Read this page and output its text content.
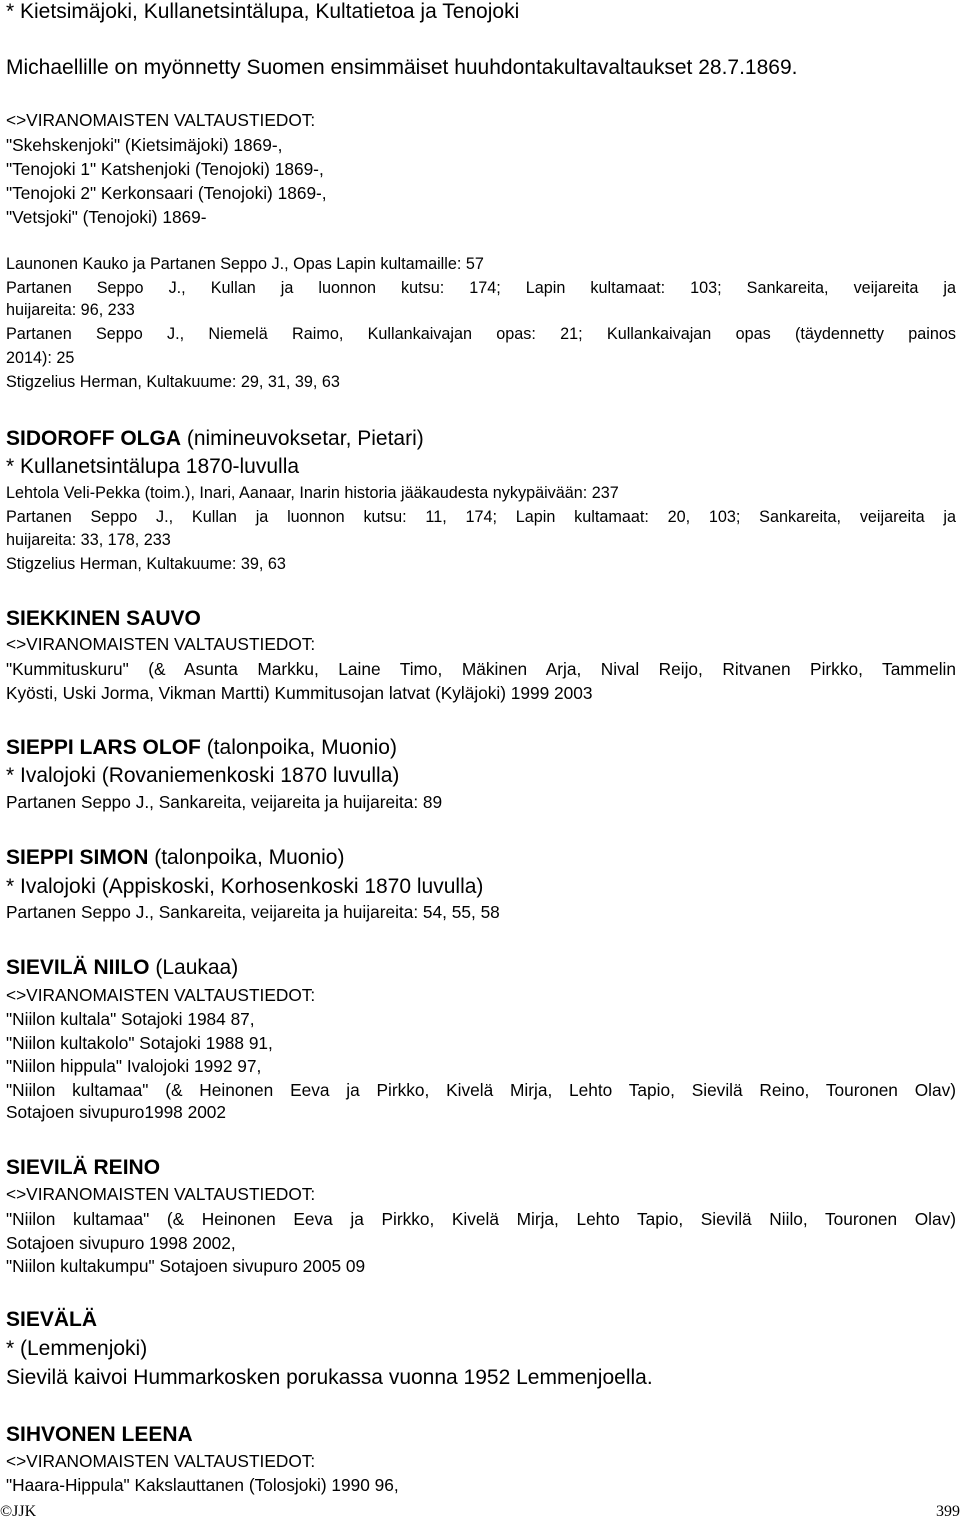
* Kietsimäjoki, Kullanetsintälupa, Kultatietoa ja Tenojoki
Michaellille on myönnetty Suomen ensimmäiset huuhdontakultavaltaukset 28.7.1869.
<>VIRANOMAISTEN VALTAUSTIEDOT:
"Skehskenjoki" (Kietsimäjoki) 1869-,
"Tenojoki 1" Katshenjoki (Tenojoki) 1869-,
"Tenojoki 2" Kerkonsaari (Tenojoki) 1869-,
"Vetsjoki" (Tenojoki) 1869-
Launonen Kauko ja Partanen Seppo J., Opas Lapin kultamaille: 57
Partanen Seppo J., Kullan ja luonnon kutsu: 174; Lapin kultamaat: 103; Sankareita, veijareita ja
huijareita: 96, 233
Partanen Seppo J., Niemelä Raimo, Kullankaivajan opas: 21; Kullankaivajan opas (täydennetty painos
2014): 25
Stigzelius Herman, Kultakuume: 29, 31, 39, 63
SIDOROFF OLGA (nimineuvoksetar, Pietari)
* Kullanetsintälupa 1870-luvulla
Lehtola Veli-Pekka (toim.), Inari, Aanaar, Inarin historia jääkaudesta nykypäivään: 237
Partanen Seppo J., Kullan ja luonnon kutsu: 11, 174; Lapin kultamaat: 20, 103; Sankareita, veijareita ja
huijareita: 33, 178, 233
Stigzelius Herman, Kultakuume: 39, 63
SIEKKINEN SAUVO
<>VIRANOMAISTEN VALTAUSTIEDOT:
"Kummituskuru" (& Asunta Markku, Laine Timo, Mäkinen Arja, Nival Reijo, Ritvanen Pirkko, Tammelin
Kyösti, Uski Jorma, Vikman Martti) Kummitusojan latvat (Kyläjoki) 1999 2003
SIEPPI LARS OLOF (talonpoika, Muonio)
* Ivalojoki (Rovaniemenkoski 1870 luvulla)
Partanen Seppo J., Sankareita, veijareita ja huijareita: 89
SIEPPI SIMON (talonpoika, Muonio)
* Ivalojoki (Appiskoski, Korhosenkoski 1870 luvulla)
Partanen Seppo J., Sankareita, veijareita ja huijareita: 54, 55, 58
SIEVILÄ NIILO (Laukaa)
<>VIRANOMAISTEN VALTAUSTIEDOT:
"Niilon kultala" Sotajoki 1984 87,
"Niilon kultakolo" Sotajoki 1988 91,
"Niilon hippula" Ivalojoki 1992 97,
"Niilon kultamaa" (& Heinonen Eeva ja Pirkko, Kivelä Mirja, Lehto Tapio, Sievilä Reino, Touronen Olav)
Sotajoen sivupuro1998 2002
SIEVILÄ REINO
<>VIRANOMAISTEN VALTAUSTIEDOT:
"Niilon kultamaa" (& Heinonen Eeva ja Pirkko, Kivelä Mirja, Lehto Tapio, Sievilä Niilo, Touronen Olav)
Sotajoen sivupuro 1998 2002,
"Niilon kultakumpu" Sotajoen sivupuro 2005 09
SIEVÄLÄ
* (Lemmenjoki)
Sievilä kaivoi Hummarkosken porukassa vuonna 1952 Lemmenjoella.
SIHVONEN LEENA
<>VIRANOMAISTEN VALTAUSTIEDOT:
"Haara-Hippula" Kakslauttanen (Tolosjoki) 1990 96,
©JJK	399
